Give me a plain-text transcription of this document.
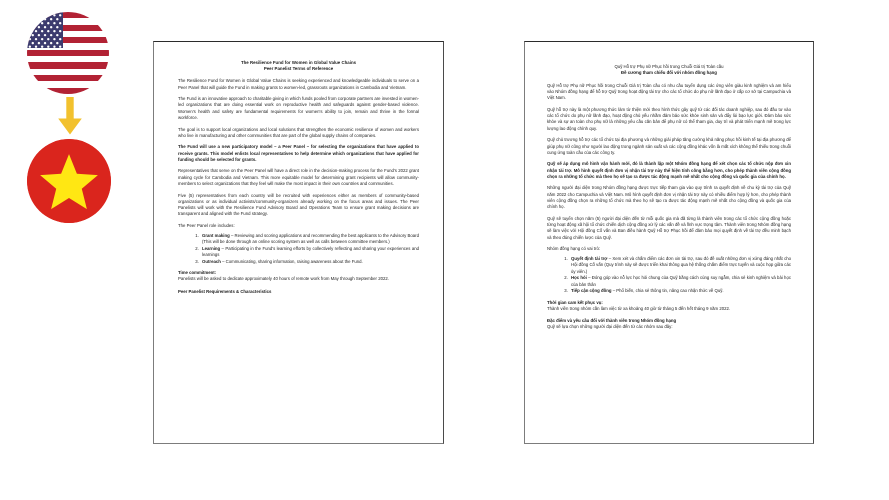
The Resilience Fund for Women in Global Value Chains
Peer Panelist Terms of Reference

The Resilience Fund for Women in Global Value Chains is seeking experienced and knowledgeable individuals to serve on a Peer Panel that will guide the Fund in making grants to women-led, grassroots organizations in Cambodia and Vietnam.

The Fund is an innovative approach to charitable giving in which funds pooled from corporate partners are invested in women-led organizations that are doing essential work on reproductive health and safeguards against gender-based violence. Women's health and safety are fundamental requirements for women's ability to join, remain and thrive in the formal workforce.

The goal is to support local organizations and local solutions that strengthen the economic resilience of women and workers who live in manufacturing and other communities that are part of the global supply chains of companies.

The Fund will use a new participatory model – a Peer Panel – for selecting the organizations that have applied to receive grants. This model enlists local representatives to help determine which organizations that have applied for funding should be selected for grants.

Representatives that serve on the Peer Panel will have a direct role in the decision-making process for the Fund's 2022 grant making cycle for Cambodia and Vietnam. This more equitable model for determining grant recipients will allow community-members to select organizations that they feel will make the most impact in their own countries and communities.

Five (5) representatives from each country will be recruited with experiences either as members of community-based organizations or as individual activists/community-organizers already working on the focus areas and issues. The Peer Panelists will work with the Resilience Fund Advisory Board and Operations Team to ensure grant making decisions are transparent and aligned with the Fund strategy.

The Peer Panel role includes:

1. Grant making – Reviewing and scoring applications and recommending the best applicants to the Advisory Board (This will be done through an online scoring system as well as calls between committee members.)
2. Learning – Participating in the Fund's learning efforts by collectively reflecting and sharing your experiences and learnings
3. Outreach – Communicating, sharing information, raising awareness about the Fund.

Time commitment:

Panelists will be asked to dedicate approximately 40 hours of remote work from May through September 2022.

Peer Panelist Requirements & Characteristics

Quỹ Hỗ trợ Phụ nữ Phục hồi trong Chuỗi Giá trị Toàn cầu
Đề cương tham chiếu đối với nhóm đồng hạng

Quỹ Hỗ trợ Phụ nữ Phục hồi trong Chuỗi Giá trị Toàn cầu có nhu cầu tuyển dụng các ứng viên giàu kinh nghiệm và am hiểu vào Nhóm đồng hạng để hỗ trợ Quỹ trong hoạt động tài trợ cho các tổ chức do phụ nữ lãnh đạo ở cấp cơ sở tại Campuchia và Việt Nam.

Quỹ hỗ trợ này là một phương thức làm từ thiện mới theo hình thức gây quỹ từ các đối tác doanh nghiệp, sau đó đầu tư vào các tổ chức do phụ nữ lãnh đạo, hoạt động chủ yếu nhằm đảm bảo sức khỏe sinh sản và đẩy lùi bạo lực giới. Đảm bảo sức khỏe và sự an toàn cho phụ nữ là những yêu cầu căn bản để phụ nữ có thể tham gia, duy trì và phát triển mạnh mẽ trong lực lượng lao động chính quy.

Quỹ chủ trương hỗ trợ các tổ chức tại địa phương và những giải pháp tăng cường khả năng phục hồi kinh tế tại địa phương để giúp phụ nữ cũng như người lao động trong ngành sản xuất và các cộng đồng khác vốn là mắt xích không thể thiếu trong chuỗi cung ứng toàn cầu của các công ty.

Quỹ sẽ áp dụng mô hình vận hành mới, đó là thành lập một Nhóm đồng hạng để xét chọn các tổ chức nộp đơn xin nhận tài trợ. Mô hình quyết định đơn vị nhận tài trợ này thể hiện tính công bằng hơn, cho phép thành viên cộng đồng chọn ra những tổ chức mà theo họ sẽ tạo ra được tác động mạnh mẽ nhất cho cộng đồng và quốc gia của chính họ.

Những người đại diện trong Nhóm đồng hạng được trực tiếp tham gia vào quy trình ra quyết định về chu kỳ tài trợ của Quỹ năm 2022 cho Campuchia và Việt Nam. Mô hình quyết định đơn vị nhận tài trợ này có nhiều điểm hợp lý hơn, cho phép thành viên cộng đồng chọn ra những tổ chức mà theo họ sẽ tạo ra được tác động mạnh mẽ nhất cho cộng đồng và quốc gia của chính họ.

Quỹ sẽ tuyển chọn năm (5) người đại diện đến từ mỗi quốc gia mà đã từng là thành viên trong các tổ chức cộng đồng hoặc từng hoạt động xã hội tổ chức chiến dịch cộng đồng xử lý các vấn đề và lĩnh vực trọng tâm. Thành viên trong Nhóm đồng hạng sẽ làm việc với Hội đồng Cố vấn và Ban điều hành Quỹ Hỗ trợ Phục hồi để đảm bảo mọi quyết định về tài trợ đều minh bạch và theo đúng chiến lược của Quỹ.

Nhóm đồng hạng có vai trò:

1. Quyết định tài trợ – Xem xét và chấm điểm các đơn xin tài trợ, sau đó đề xuất những đơn vị xứng đáng nhất cho Hội đồng Cố vấn (Quy trình này sẽ được triển khai thông qua hệ thống chấm điểm trực tuyến và cuộc họp giữa các ủy viên.)
2. Học hỏi – Đóng góp vào nỗ lực học hỏi chung của Quỹ bằng cách cùng suy ngẫm, chia sẻ kinh nghiệm và bài học của bản thân
3. Tiếp cận cộng đồng – Phổ biến, chia sẻ thông tin, nâng cao nhận thức về Quỹ.

Thời gian cam kết phục vụ:

Thành viên trong nhóm cần làm việc từ xa khoảng 40 giờ từ tháng 5 đến hết tháng 9 năm 2022.

Đặc điểm và yêu cầu đối với thành viên trong Nhóm đồng hạng

Quỹ sẽ lựa chọn những người đại diện đến từ các nhóm sau đây:
